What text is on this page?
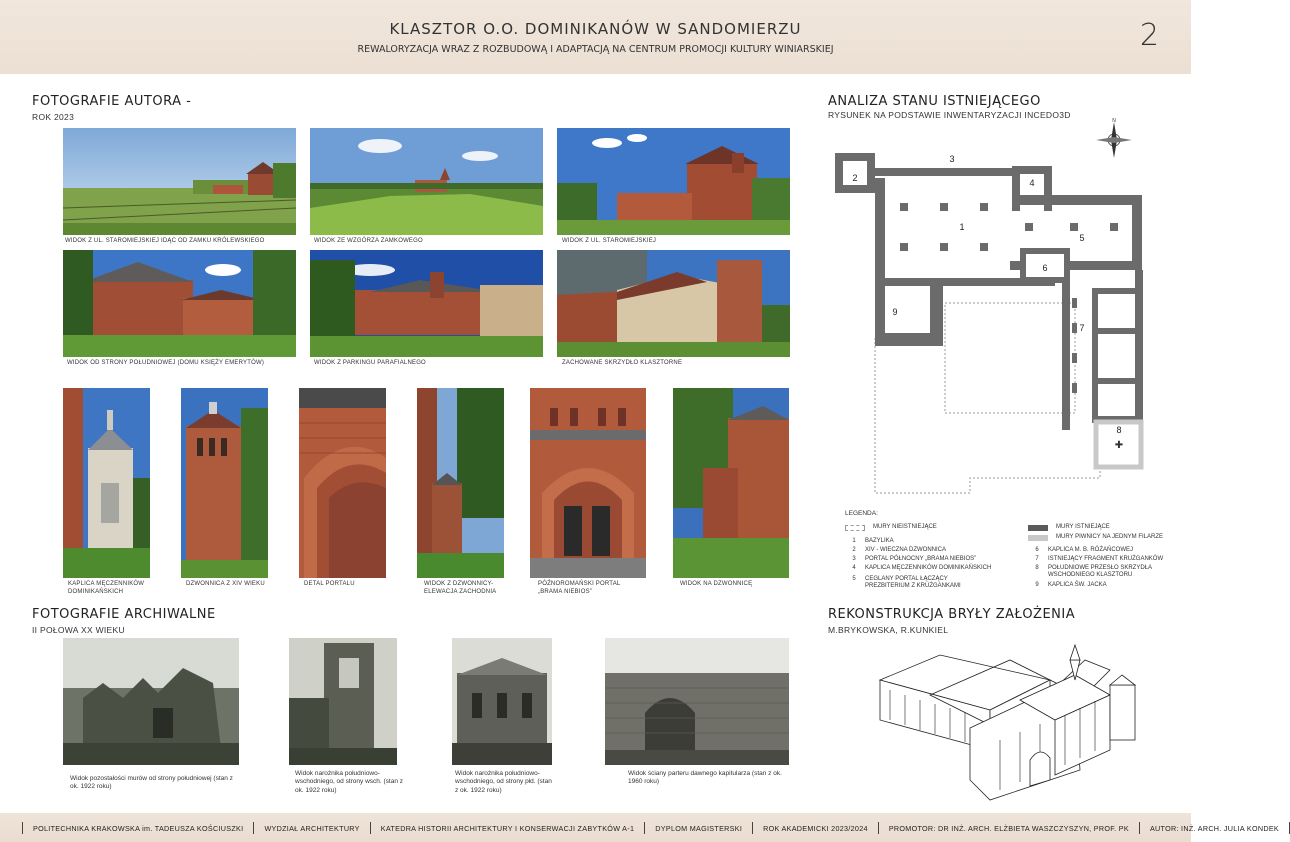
KLASZTOR O.O. DOMINIKANÓW W SANDOMIERZU
REWALORYZACJA WRAZ Z ROZBUDOWĄ I ADAPTACJĄ NA CENTRUM PROMOCJI KULTURY WINIARSKIEJ	2
FOTOGRAFIE AUTORA -
ROK 2023
WIDOK Z UL. STAROMIEJSKIEJ IDĄC OD ZAMKU KRÓLEWSKIEGO	WIDOK ZE WZGÓRZA ZAMKOWEGO	WIDOK Z UL. STAROMIEJSKIEJ
WIDOK OD STRONY POŁUDNIOWEJ (DOMU KSIĘŻY EMERYTÓW)	WIDOK Z PARKINGU PARAFIALNEGO	ZACHOWANE SKRZYDŁO KLASZTORNE
KAPLICA MĘCZENNIKÓW DOMINIKAŃSKICH
DZWONNICA Z XIV WIEKU	DETAL PORTALU	WIDOK Z DZWONNICY- ELEWACJA ZACHODNIA
PÓŹNOROMAŃSKI PORTAL „BRAMA NIEBIOS”
WIDOK NA DZWONNICĘ
FOTOGRAFIE ARCHIWALNE
II POŁOWA XX WIEKU
Widok pozostałości murów od strony południowej (stan z ok. 1922 roku)
Widok narożnika południowo-wschodniego, od strony wsch. (stan z ok. 1922 roku)
Widok narożnika południowo-wschodniego, od strony płd. (stan z ok. 1922 roku)
Widok ściany parteru dawnego kapitularza (stan z ok. 1960 roku)
ANALIZA STANU ISTNIEJĄCEGO
RYSUNEK NA PODSTAWIE INWENTARYZACJI INCEDO3D
N
2
3
4
1
5
6
7
8
9
✚
LEGENDA:
MURY NIEISTNIEJĄCE	MURY ISTNIEJĄCE
MURY PIWNICY NA JEDNYM FILARZE
1	BAZYLIKA
2	XIV - WIECZNA DZWONNICA
3	PORTAL PÓŁNOCNY „BRAMA NIEBIOS”
4	KAPLICA MĘCZENNIKÓW DOMINIKAŃSKICH
5	CEGLANY PORTAL ŁĄCZĄCY PREZBITERIUM Z KRUŻGANKAMI
6	KAPLICA M. B. RÓŻAŃCOWEJ
7	ISTNIEJĄCY FRAGMENT KRUŻGANKÓW
8	POŁUDNIOWE PRZESŁO SKRZYDŁA WSCHODNIEGO KLASZTORU
9	KAPLICA ŚW. JACKA
REKONSTRUKCJA BRYŁY ZAŁOŻENIA
M.BRYKOWSKA, R.KUNKIEL
POLITECHNIKA KRAKOWSKA im. TADEUSZA KOŚCIUSZKI	WYDZIAŁ ARCHITEKTURY	KATEDRA HISTORII ARCHITEKTURY I KONSERWACJI ZABYTKÓW A-1	DYPLOM MAGISTERSKI	ROK AKADEMICKI 2023/2024	PROMOTOR: DR INŻ. ARCH. ELŻBIETA WASZCZYSZYN, PROF. PK	AUTOR: INŻ. ARCH. JULIA KONDEK
